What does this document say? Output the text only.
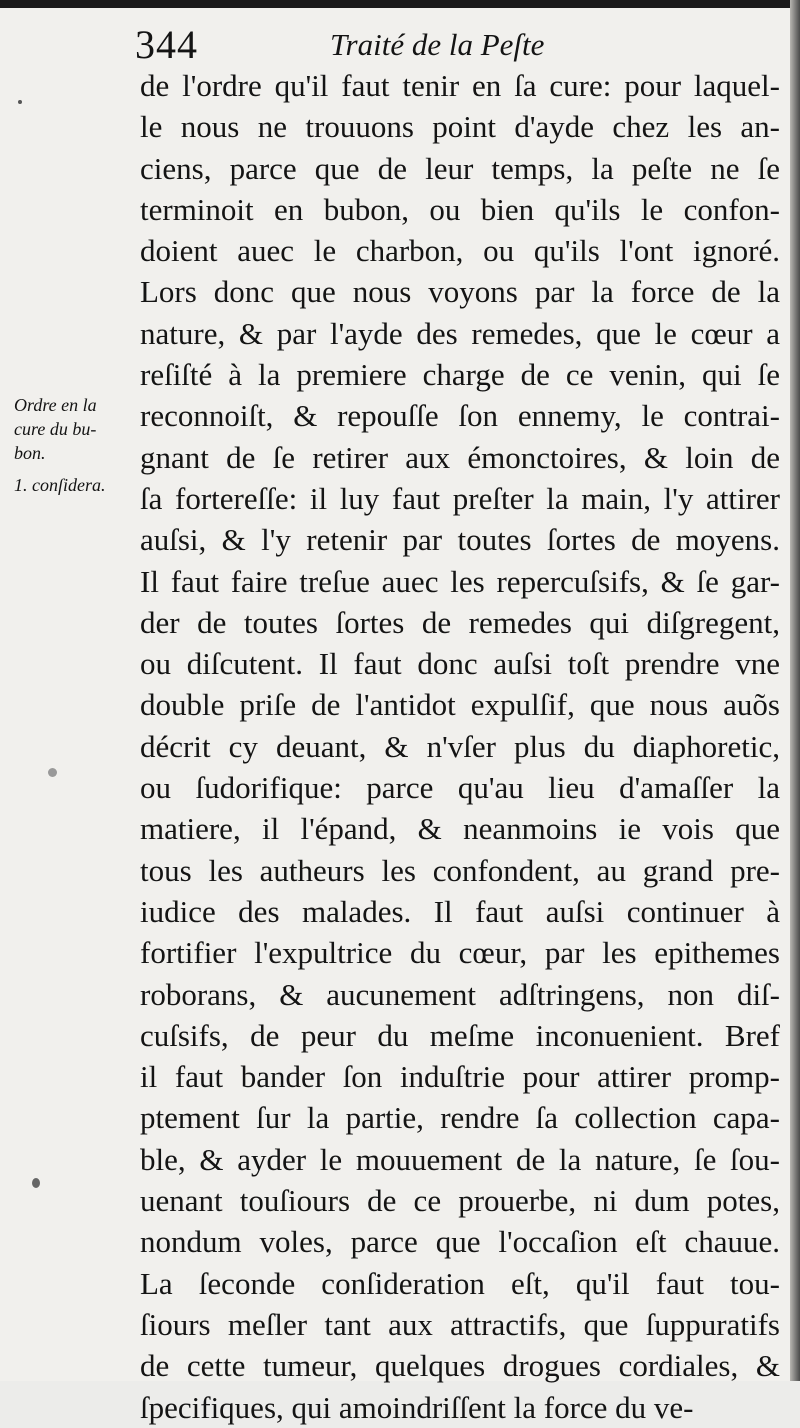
344	Traité de la Peſte
Ordre en la
cure du bu-
bon.
1. conſidera.
de l'ordre qu'il faut tenir en ſa cure: pour laquel-
le nous ne trouuons point d'ayde chez les an-
ciens, parce que de leur temps, la peſte ne ſe
terminoit en bubon, ou bien qu'ils le confon-
doient auec le charbon, ou qu'ils l'ont ignoré.
Lors donc que nous voyons par la force de la
nature, & par l'ayde des remedes, que le cœur a
reſiſté à la premiere charge de ce venin, qui ſe
reconnoiſt, & repouſſe ſon ennemy, le contrai-
gnant de ſe retirer aux émonctoires, & loin de
ſa fortereſſe: il luy faut preſter la main, l'y attirer
auſsi, & l'y retenir par toutes ſortes de moyens.
Il faut faire treſue auec les repercuſsifs, & ſe gar-
der de toutes ſortes de remedes qui diſgregent,
ou diſcutent. Il faut donc auſsi toſt prendre vne
double priſe de l'antidot expulſif, que nous auõs
décrit cy deuant, & n'vſer plus du diaphoretic,
ou ſudorifique: parce qu'au lieu d'amaſſer la
matiere, il l'épand, & neanmoins ie vois que
tous les autheurs les confondent, au grand pre-
iudice des malades. Il faut auſsi continuer à
fortifier l'expultrice du cœur, par les epithemes
roborans, & aucunement adſtringens, non diſ-
cuſsifs, de peur du meſme inconuenient. Bref
il faut bander ſon induſtrie pour attirer promp-
ptement ſur la partie, rendre ſa collection capa-
ble, & ayder le mouuement de la nature, ſe ſou-
uenant touſiours de ce prouerbe, ni dum potes,
nondum voles, parce que l'occaſion eſt chauue.
La ſeconde conſideration eſt, qu'il faut tou-
ſiours meſler tant aux attractifs, que ſuppuratifs
de cette tumeur, quelques drogues cordiales, &
ſpecifiques, qui amoindriſſent la force du ve-
